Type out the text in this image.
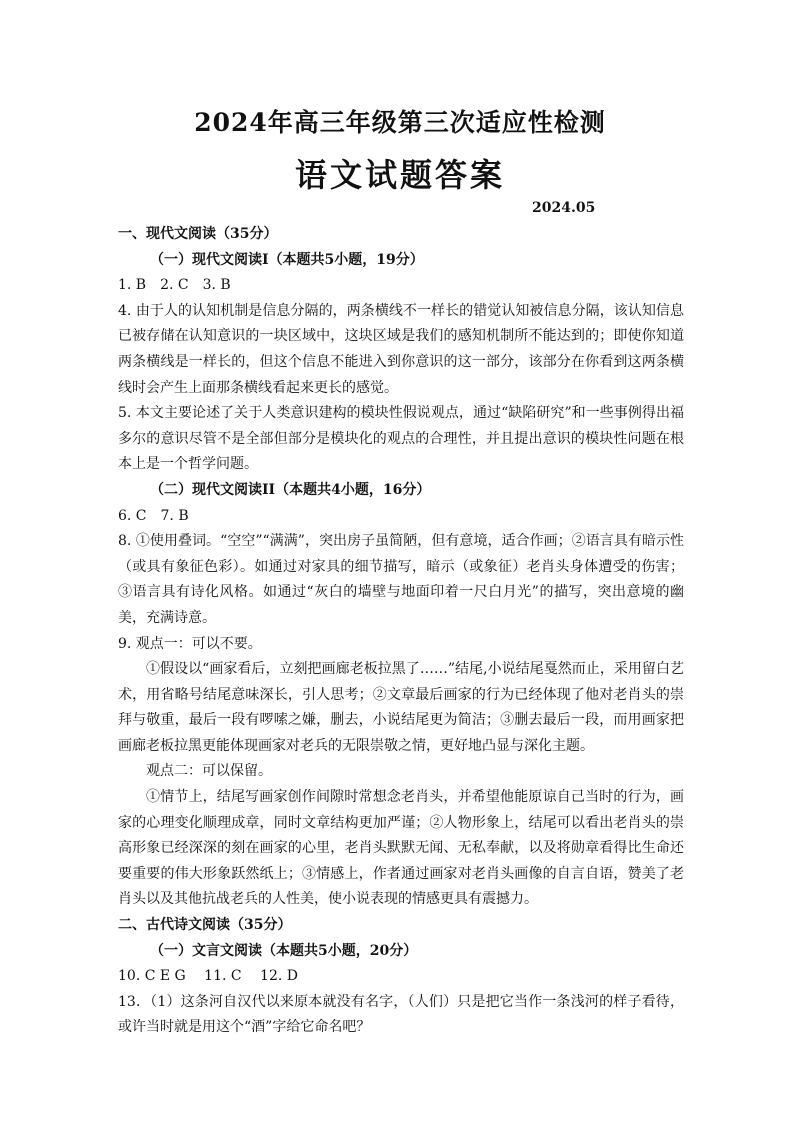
2024年高三年级第三次适应性检测
语文试题答案
2024.05

一、现代文阅读（35分）

（一）现代文阅读I（本题共5小题，19分）

1. B　2. C　3. B

4. 由于人的认知机制是信息分隔的，两条横线不一样长的错觉认知被信息分隔，该认知信息已被存储在认知意识的一块区域中，这块区域是我们的感知机制所不能达到的；即使你知道两条横线是一样长的，但这个信息不能进入到你意识的这一部分，该部分在你看到这两条横线时会产生上面那条横线看起来更长的感觉。

5. 本文主要论述了关于人类意识建构的模块性假说观点，通过“缺陷研究”和一些事例得出福多尔的意识尽管不是全部但部分是模块化的观点的合理性，并且提出意识的模块性问题在根本上是一个哲学问题。

（二）现代文阅读II（本题共4小题，16分）

6. C　7. B

8. ①使用叠词。“空空”“满满”，突出房子虽简陋，但有意境，适合作画；②语言具有暗示性（或具有象征色彩）。如通过对家具的细节描写，暗示（或象征）老肖头身体遭受的伤害；③语言具有诗化风格。如通过“灰白的墙壁与地面印着一尺白月光”的描写，突出意境的幽美，充满诗意。

9. 观点一：可以不要。

①假设以“画家看后，立刻把画廊老板拉黑了……”结尾,小说结尾戛然而止，采用留白艺术，用省略号结尾意味深长，引人思考；②文章最后画家的行为已经体现了他对老肖头的崇拜与敬重，最后一段有啰嗦之嫌，删去，小说结尾更为简洁；③删去最后一段，而用画家把画廊老板拉黑更能体现画家对老兵的无限崇敬之情，更好地凸显与深化主题。

观点二：可以保留。

①情节上，结尾写画家创作间隙时常想念老肖头，并希望他能原谅自己当时的行为，画家的心理变化顺理成章，同时文章结构更加严谨；②人物形象上，结尾可以看出老肖头的崇高形象已经深深的刻在画家的心里，老肖头默默无闻、无私奉献，以及将勋章看得比生命还要重要的伟大形象跃然纸上；③情感上，作者通过画家对老肖头画像的自言自语，赞美了老肖头以及其他抗战老兵的人性美，使小说表现的情感更具有震撼力。

二、古代诗文阅读（35分）

（一）文言文阅读（本题共5小题，20分）

10. C E G　 11. C　 12. D

13．（1）这条河自汉代以来原本就没有名字，（人们）只是把它当作一条浅河的样子看待，或许当时就是用这个“酒”字给它命名吧？
